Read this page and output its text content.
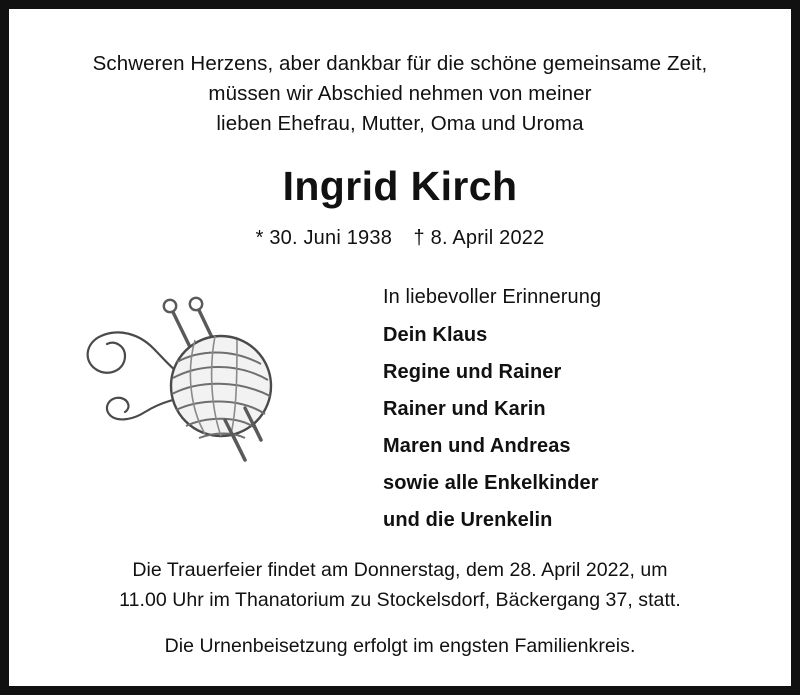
Schweren Herzens, aber dankbar für die schöne gemeinsame Zeit,
müssen wir Abschied nehmen von meiner
lieben Ehefrau, Mutter, Oma und Uroma
Ingrid Kirch
* 30. Juni 1938 † 8. April 2022
In liebevoller Erinnerung
Dein Klaus
Regine und Rainer
Rainer und Karin
Maren und Andreas
sowie alle Enkelkinder
und die Urenkelin
Die Trauerfeier findet am Donnerstag, dem 28. April 2022, um
11.00 Uhr im Thanatorium zu Stockelsdorf, Bäckergang 37, statt.
Die Urnenbeisetzung erfolgt im engsten Familienkreis.
